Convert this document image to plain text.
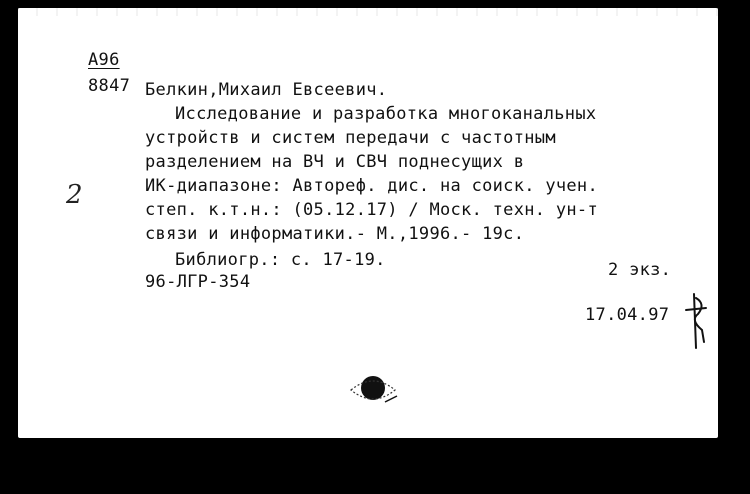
А96
8847 Белкин,Михаил Евсеевич.
Исследование и разработка многоканальных
устройств и систем передачи с частотным
разделением на ВЧ и СВЧ поднесущих в
ИК-диапазоне: Автореф. дис. на соиск. учен.
степ. к.т.н.: (05.12.17) / Моск. техн. ун-т
связи и информатики.- М.,1996.- 19с.
Библиогр.: с. 17-19.	2 экз.
96-ЛГР-354
17.04.97
2
